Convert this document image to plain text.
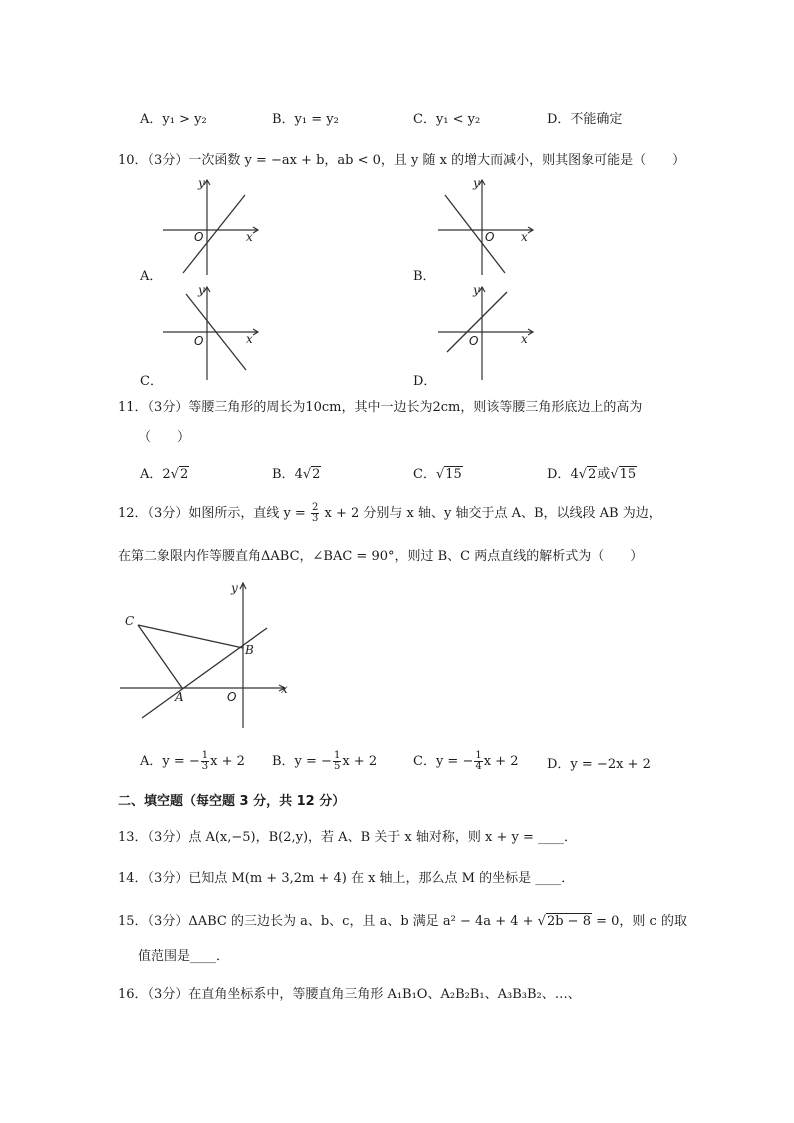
A．y₁ > y₂	B．y₁ = y₂	C．y₁ < y₂	D．不能确定
10．（3分）一次函数 y = −ax + b，ab < 0，且 y 随 x 的增大而减小，则其图象可能是（　　）
y
x
O
A．
y
x
O
B．
y
x
O
C．
y
x
O
D．
11．（3分）等腰三角形的周长为10cm，其中一边长为2cm，则该等腰三角形底边上的高为
（　　）
A．2√2	B．4√2	C．√15	D．4√2或√15
12．（3分）如图所示，直线 $y = \frac{2}{3}$ x + 2 分别与 x 轴、y 轴交于点 A、B，以线段 AB 为边，
在第二象限内作等腰直角ΔABC，∠BAC = 90°，则过 B、C 两点直线的解析式为（　　）
C
B
A	O
x
y
A．y = − $\frac{1}{3}$ x + 2 B．y = − $\frac{1}{5}$ x + 2	C．y = − $\frac{1}{4}$ x + 2 D．y = −2x + 2
二、填空题（每空题 3 分，共 12 分）
13．（3分）点 A(x,−5)，B(2,y)，若 A、B 关于 x 轴对称，则 x + y = ____．
14．（3分）已知点 M(m + 3,2m + 4) 在 x 轴上，那么点 M 的坐标是 ____．
15．（3分）ΔABC 的三边长为 a、b、c，且 a、b 满足 a² − 4a + 4 + √2b − 8 = 0，则 c 的取
值范围是____．
16．（3分）在直角坐标系中，等腰直角三角形 A₁B₁O、A₂B₂B₁、A₃B₃B₂、…、
